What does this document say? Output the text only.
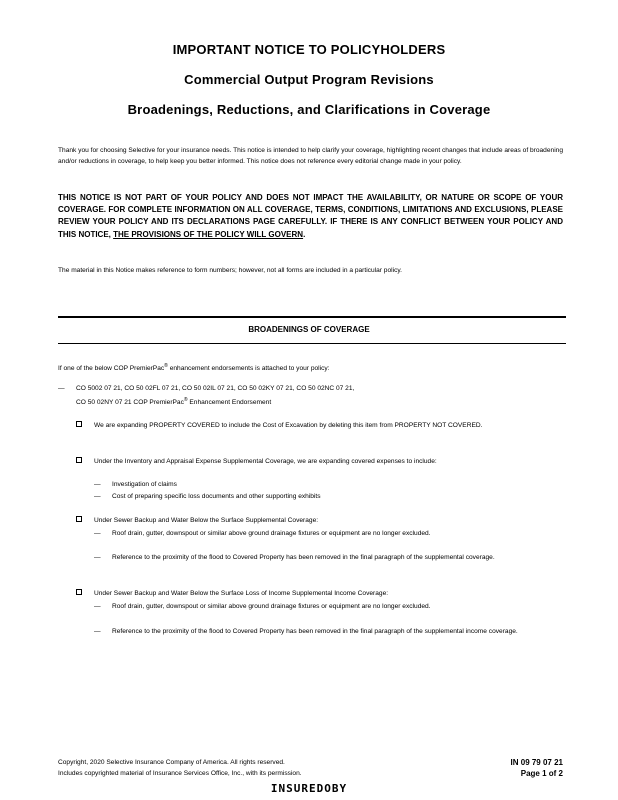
IMPORTANT NOTICE TO POLICYHOLDERS
Commercial Output Program Revisions
Broadenings, Reductions, and Clarifications in Coverage
Thank you for choosing Selective for your insurance needs. This notice is intended to help clarify your coverage, highlighting recent changes that include areas of broadening and/or reductions in coverage, to help keep you better informed. This notice does not reference every editorial change made in your policy.
THIS NOTICE IS NOT PART OF YOUR POLICY AND DOES NOT IMPACT THE AVAILABILITY, OR NATURE OR SCOPE OF YOUR COVERAGE. FOR COMPLETE INFORMATION ON ALL COVERAGE, TERMS, CONDITIONS, LIMITATIONS AND EXCLUSIONS, PLEASE REVIEW YOUR POLICY AND ITS DECLARATIONS PAGE CAREFULLY. IF THERE IS ANY CONFLICT BETWEEN YOUR POLICY AND THIS NOTICE, THE PROVISIONS OF THE POLICY WILL GOVERN.
The material in this Notice makes reference to form numbers; however, not all forms are included in a particular policy.
BROADENINGS OF COVERAGE
If one of the below COP PremierPac® enhancement endorsements is attached to your policy:
— CO 5002 07 21, CO 50 02FL 07 21, CO 50 02IL 07 21, CO 50 02KY 07 21, CO 50 02NC 07 21,
CO 50 02NY 07 21 COP PremierPac® Enhancement Endorsement
We are expanding PROPERTY COVERED to include the Cost of Excavation by deleting this item from PROPERTY NOT COVERED.
Under the Inventory and Appraisal Expense Supplemental Coverage, we are expanding covered expenses to include:
— Investigation of claims
— Cost of preparing specific loss documents and other supporting exhibits
Under Sewer Backup and Water Below the Surface Supplemental Coverage:
— Roof drain, gutter, downspout or similar above ground drainage fixtures or equipment are no longer excluded.
— Reference to the proximity of the flood to Covered Property has been removed in the final paragraph of the supplemental coverage.
Under Sewer Backup and Water Below the Surface Loss of Income Supplemental Income Coverage:
— Roof drain, gutter, downspout or similar above ground drainage fixtures or equipment are no longer excluded.
— Reference to the proximity of the flood to Covered Property has been removed in the final paragraph of the supplemental income coverage.
Copyright, 2020 Selective Insurance Company of America. All rights reserved.
Includes copyrighted material of Insurance Services Office, Inc., with its permission.
IN 09 79 07 21
Page 1 of 2
INSUREDOBY
